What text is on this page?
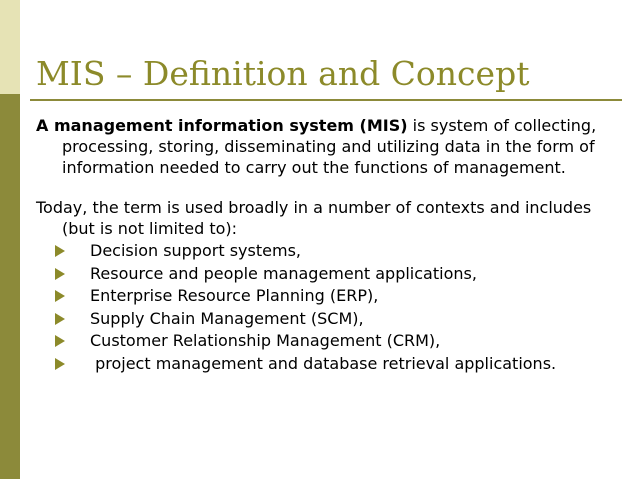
MIS – Definition and Concept

A management information system (MIS) is system of collecting, processing, storing, disseminating and utilizing data in the form of information needed to carry out the functions of management.

Today, the term is used broadly in a number of contexts and includes (but is not limited to):

Decision support systems,
Resource and people management applications,
Enterprise Resource Planning (ERP),
Supply Chain Management (SCM),
Customer Relationship Management (CRM),
project management and database retrieval applications.
